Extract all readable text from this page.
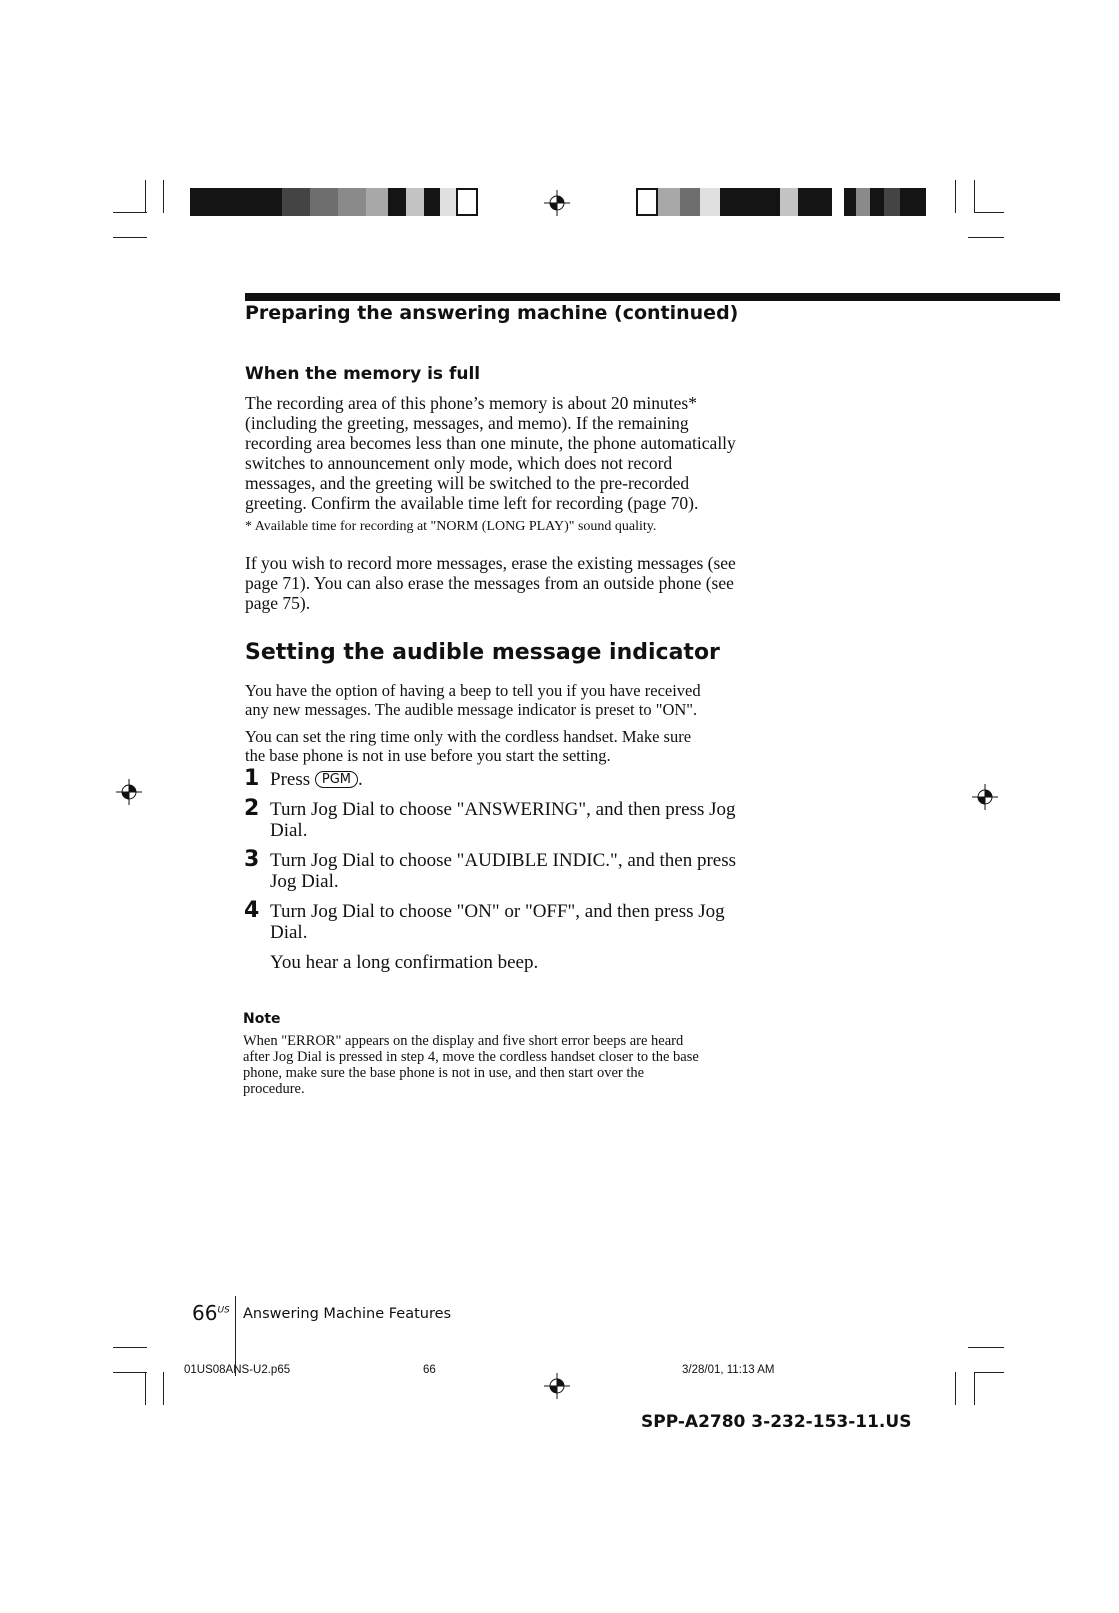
Preparing the answering machine (continued)
When the memory is full
The recording area of this phone’s memory is about 20 minutes*
(including the greeting, messages, and memo). If the remaining
recording area becomes less than one minute, the phone automatically
switches to announcement only mode, which does not record
messages, and the greeting will be switched to the pre-recorded
greeting. Confirm the available time left for recording (page 70).
* Available time for recording at "NORM (LONG PLAY)" sound quality.
If you wish to record more messages, erase the existing messages (see
page 71). You can also erase the messages from an outside phone (see
page 75).
Setting the audible message indicator
You have the option of having a beep to tell you if you have received
any new messages. The audible message indicator is preset to "ON".
You can set the ring time only with the cordless handset. Make sure
the base phone is not in use before you start the setting.
1 Press PGM .
2 Turn Jog Dial to choose "ANSWERING", and then press Jog
Dial.
3 Turn Jog Dial to choose "AUDIBLE INDIC.", and then press
Jog Dial.
4 Turn Jog Dial to choose "ON" or "OFF", and then press Jog
Dial.
You hear a long confirmation beep.
Note
When "ERROR" appears on the display and five short error beeps are heard
after Jog Dial is pressed in step 4, move the cordless handset closer to the base
phone, make sure the base phone is not in use, and then start over the
procedure.
$66^{US}$ Answering Machine Features
01US08ANS-U2.p65	66	3/28/01, 11:13 AM
SPP-A2780 3-232-153-11.US
